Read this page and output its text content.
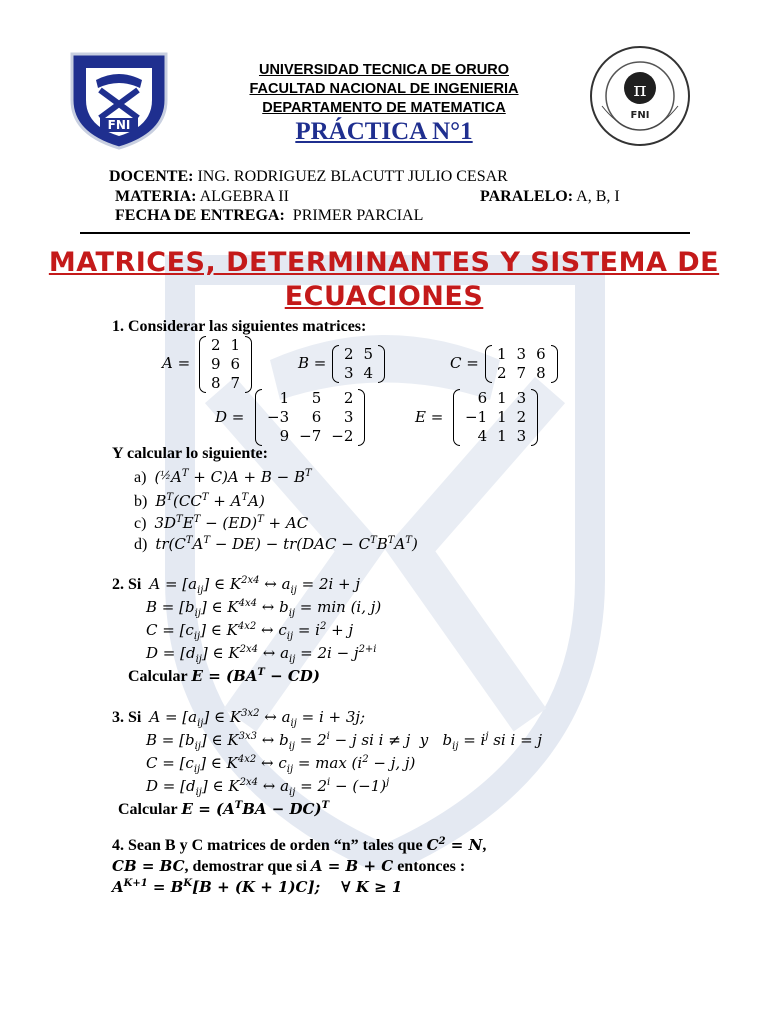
FNI
π
FNI
UNIVERSIDAD TECNICA DE ORURO
FACULTAD NACIONAL DE INGENIERIA
DEPARTAMENTO DE MATEMATICA
PRÁCTICA N°1
DOCENTE: ING. RODRIGUEZ BLACUTT JULIO CESAR
MATERIA: ALGEBRA II	PARALELO: A, B, I
FECHA DE ENTREGA: PRIMER PARCIAL
MATRICES, DETERMINANTES Y SISTEMA DE
ECUACIONES
1. Considerar las siguientes matrices:
A =
2	1
9	6
8	7
B = 2	5
3	4
C = 1	3	6
2	7	8
D =
1	5	2
−3	6	3
9	−7	−2
E =
6	1	3
−1	1	2
4	1	3
Y calcular lo siguiente:
a) $(^{\frac{1}{2}}A^T + C)A + B - B^T$
b) $B^T(CC^T + A^TA)$
c) $3D^TE^T - (ED)^T$ + AC
d) $tr(C^TA^T - DE) - tr(DAC - C^TB^TA^T)$
2. Si $A = [a_{ij}]$ ∈ $K^{2x4}$ ↔ $a_{ij} = 2i + j$
$B = [b_{ij}]$ ∈ $K^{4x4}$ ↔ $b_{ij} = \min (i$, j)
$C = [c_{ij}]$ ∈ $K^{4x2}$ ↔ $c_{ij} = i^2 + j$
$D = [d_{ij}]$ ∈ $K^{2x4}$ ↔ $a_{ij} = 2i - j^{2+i}$
Calcular $E = (BA^T - CD)$
3. Si $A = [a_{ij}]$ ∈ $K^{3x2}$ ↔ $a_{ij} = i + 3j$;
$B = [b_{ij}]$ ∈ $K^{3x3}$ ↔ $b_{ij} = 2^i - j$ si i ≠ j  y   $b_{ij} = i^j$ si i = j
$C = [c_{ij}]$ ∈ $K^{4x2}$ ↔ $c_{ij} = \max (i^2 - j$, j)
$D = [d_{ij}]$ ∈ $K^{2x4}$ ↔ $a_{ij} = 2^i - (-1)^j$
Calcular $E = (A^TBA - DC)^T$
4. Sean B y C matrices de orden “n” tales que $C^2 = N$,
CB = BC, demostrar que si A = B + C entonces :
$A^{K+1} = B^K[B + (K + 1)C]$;    ∀ K ≥ 1
